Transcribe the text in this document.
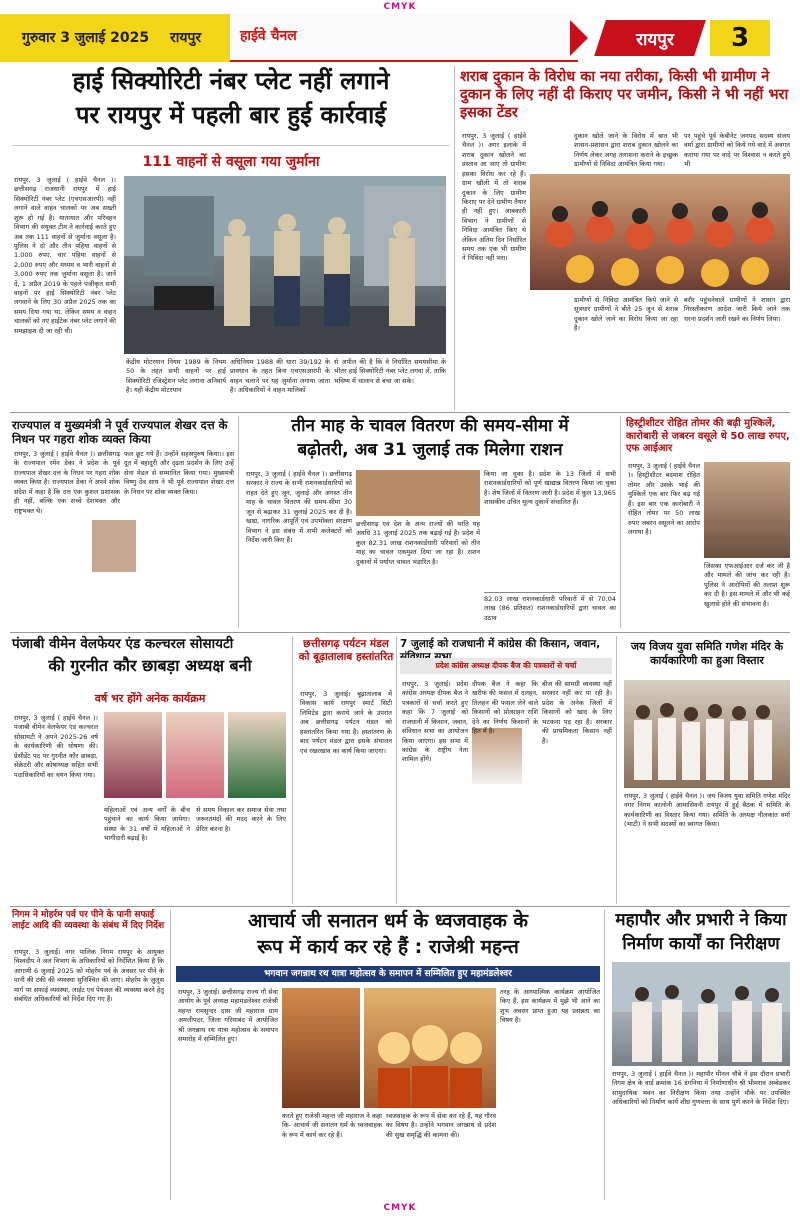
CMYK
CMYK
गुरुवार 3 जुलाई 2025 रायपुर	हाईवे चैनल	रायपुर	3
हाई सिक्योरिटी नंबर प्लेट नहीं लगाने
पर रायपुर में पहली बार हुई कार्रवाई
111 वाहनों से वसूला गया जुर्माना
रायपुर, 3 जुलाई ( हाईवे चैनल )। छत्तीसगढ़ राजधानी रायपुर में हाई सिक्योरिटी नंबर प्लेट (एचएसआरपी) नहीं लगाने वाले वाहन चालकों पर अब सख्ती शुरू हो गई है। यातायात और परिवहन विभाग की संयुक्त टीम ने कार्रवाई करते हुए अब तक 111 वाहनों से जुर्माना वसूला है। पुलिस ने दो और तीन पहिया वाहनों से 1,000 रुपए, चार पहिया वाहनों से 2,000 रुपए और मध्यम व भारी वाहनों से 3,000 रुपए तक जुर्माना वसूला है। जानें दें, 1 अप्रैल 2019 के पहले पंजीकृत सभी वाहनों पर हाई सिक्योरिटी नंबर प्लेट लगवाने के लिए 30 अप्रैल 2025 तक का समय दिया गया था, लेकिन समय व वाहन चालकों को नए हाईटेक नंबर प्लेट लगाने की समझाइश दी जा रही थी।
केंद्रीय मोटरयान नियम 1989 के नियम 50 के तहत सभी वाहनों पर हाई सिक्योरिटी रजिस्ट्रेशन प्लेट लगाना अनिवार्य है। यही केंद्रीय मोटरयान
अधिनियम 1988 की धारा 39/192 के प्रावधान के तहत बिना एचएसआरपी के वाहन चलाने पर यह जुर्माना लगाया जाता है। अधिकारियों ने वाहन मालिकों
से अपील की है कि वे निर्धारित समयसीमा के भीतर हाई सिक्योरिटी नंबर प्लेट लगवा लें, ताकि भविष्य में चालान से बचा जा सके।
शराब दुकान के विरोध का नया तरीका, किसी भी ग्रामीण ने दुकान के लिए नहीं दी किराए पर जमीन, किसी ने भी नहीं भरा इसका टेंडर
रायपुर, 3 जुलाई ( हाईवे चैनल )। अगर इलाके में शराब दुकान खोलने का प्रस्ताव आ जाए तो ग्रामीण इसका विरोध कर रहे हैं। ग्राम खौली में तो शराब दुकान के लिए ग्रामीण किराए पर देने ग्रामीण तैयार ही नहीं हुए। आबकारी विभाग ने ग्रामीणों से निविदा आमंत्रित किए थे लेकिन अंतिम दिन निर्धारित समय तक एक भी ग्रामीण ने निविदा नहीं भरा।
दुकान खोले जाने के विरोध में बात भी शासन-प्रशासन द्वारा शराब दुकान खोलने का निर्णय लेकर जगह तलाशना कराने के इच्छुक ग्रामीणों से निविदा आमंत्रित किया गया।
पर पहुंचे पूर्व केबीनेट जनपद सदस्य संजय वर्मा द्वारा ग्रामीणों को किये गये वादे में अवगत कराया गया पर वादे पर विश्वास न करते हुये भी
ग्रामीणों से निविदा आमंत्रित किये जाने से सूत्रधार ग्रामीणों ने बीते 25 जून से शराब दुकान खोले जाने का विरोध किया जा रहा है।
बरौर पहुंचनेवाले ग्रामीणों ने शासन द्वारा निरस्तीकरण आदेश जारी किये जाने तक धरना प्रदर्शन जारी रखने का निर्णय लिया।
राज्यपाल व मुख्यमंत्री ने पूर्व राज्यपाल शेखर दत्त के निधन पर गहरा शोक व्यक्त किया
रायपुर, 3 जुलाई ( हाईवे चैनल )। छत्तीसगढ़ के राज्यपाल रमेन डेका ने प्रदेश के पूर्व राज्यपाल शेखर दत्त के निधन पर गहरा शोक व्यक्त किया है। राज्यपाल डेका ने अपने शोक संदेश में कहा है कि दत्त एक कुशल प्रशासक ही नहीं, बल्कि एक सच्चे देशभक्त और राष्ट्रभक्त थे।
फल छूट गये हैं। उन्होंने सहस्रपुरुष किया।। इस दूत में बहादुरी और दृढ़ता प्रदर्शन के लिए उन्हें सेना मेडल से सम्मानित किया गया। मुख्यमंत्री विष्णु देव साय ने भी पूर्व राज्यपाल शेखर दत्त के निधन पर शोक व्यक्त किया।
तीन माह के चावल वितरण की समय-सीमा में
बढ़ोतरी, अब 31 जुलाई तक मिलेगा राशन
रायपुर, 3 जुलाई ( हाईवे चैनल )। छत्तीसगढ़ सरकार ने राज्य के सभी राशनकार्डधारियों को राहत देते हुए जून, जुलाई और अगस्त तीन माह के चावल वितरण की समय-सीमा 30 जून से बढ़ाकर 31 जुलाई 2025 कर दी है। खाद्य, नागरिक आपूर्ति एवं उपभोक्ता संरक्षण विभाग ने इस संबंध में सभी कलेक्टरों को निर्देश जारी किए हैं।
छत्तीसगढ़ एवं देश के अन्य राज्यों की भांति यह अवधि 31 जुलाई 2025 तक बढ़ाई गई है। प्रदेश में कुल 82.31 लाख राशनकार्डधारी परिवारों को तीन माह का चावल एकमुश्त दिया जा रहा है। राशन दुकानों में पर्याप्त चावल भंडारित है।
किया जा चुका है। प्रदेश के 13 जिलों में सभी राशनकार्डधारियों को पूर्ण खाद्यान्न वितरण किया जा चुका है। शेष जिलों में वितरण जारी है। प्रदेश में कुल 13,965 शासकीय उचित मूल्य दुकानें संचालित हैं।
82.03 लाख राशनकार्डधारी परिवारों में से 70.04 लाख (86 प्रतिशत) राशनकार्डधारियों द्वारा चावल का उठाव
हिस्ट्रीशीटर रोहित तोमर की बढ़ी मुश्किलें, कारोबारी से जबरन वसूले थे 50 लाख रुपए, एफ आईआर
रायपुर, 3 जुलाई ( हाईवे चैनल )। हिस्ट्रीशीटर बदमाश रोहित तोमर और उसके भाई की मुश्किलें एक बार फिर बढ़ गई हैं। इस बार एक कारोबारी ने रोहित तोमर पर 50 लाख रुपए जबरन वसूलने का आरोप लगाया है।
जिसका एफआईआर दर्ज कर ली है और मामले की जांच कर रही है। पुलिस ने आरोपियों की तलाश शुरू कर दी है। इस मामले में और भी कई खुलासे होने की संभावना है।
पंजाबी वीमेन वेलफेयर एंड कल्चरल सोसायटी
की गुरनीत कौर छाबड़ा अध्यक्ष बनी
वर्ष भर होंगे अनेक कार्यक्रम
रायपुर, 3 जुलाई ( हाईवे चैनल )। पंजाबी वीमेन वेलफेयर एंड कल्चरल सोसायटी ने अपने 2025-26 वर्ष के कार्यकारिणी की घोषणा की। प्रेसीडेंट पद पर गुरनीत कौर छाबड़ा, सेक्रेटरी और कोषाध्यक्ष सहित सभी पदाधिकारियों का चयन किया गया।
महिलाओं एवं अन्य वर्गों के बीच पहुंचाने का कार्य किया जायेगा। संस्था के 31 वर्षों में महिलाओं ने भागीदारी बढ़ाई है।
से समय निकाल कर समाज सेवा तथा जरूरतमंदों की मदद करने के लिए प्रेरित करना है।
छत्तीसगढ़ पर्यटन मंडल को बूढ़ातालाब हस्तांतरित
रायपुर, 3 जुलाई। बूढ़ातालाब में विकास कार्य रायपुर स्मार्ट सिटी लिमिटेड द्वारा कराये जाने के उपरांत अब छत्तीसगढ़ पर्यटन मंडल को हस्तांतरित किया गया है। हस्तांतरण के बाद पर्यटन मंडल द्वारा इसके संचालन एवं रखरखाव का कार्य किया जाएगा।
7 जुलाई को राजधानी में कांग्रेस की किसान, जवान,
प्रदेश कांग्रेस अध्यक्ष दीपक बैज की पत्रकारों से चर्चा
रायपुर, 3 जुलाई। प्रदेश कांग्रेस अध्यक्ष दीपक बैज ने पत्रकारों से चर्चा करते हुए कहा कि 7 जुलाई को राजधानी में किसान, जवान, संविधान सभा का आयोजन किया जाएगा। इस सभा में कांग्रेस के राष्ट्रीय नेता शामिल होंगे।
दीपक बैज ने कहा कि खरीफ की फसल में दलहन, तिलहन की फसल लेने वाले किसानों को प्रोत्साहन राशि देने का निर्णय किसानों के हित में है।
बीज की सामग्री व्यवस्था नहीं सरकार नहीं कर पा रही है। प्रदेश के अनेक जिलों में किसानों को खाद के लिए भटकना पड़ रहा है। सरकार की प्राथमिकता किसान नहीं है।
जय विजय युवा समिति गणेश मंदिर के कार्यकारिणी का हुआ विस्तार
रायपुर, 3 जुलाई ( हाईवे चैनल )। जय विजय युवा समिति गणेश मंदिर नगर निगम कालोनी आमासिवनी रायपुर में हुई बैठक में समिति के कार्यकारिणी का विस्तार किया गया। समिति के अध्यक्ष नीलकांत वर्मा (भाटी) ने सभी सदस्यों का स्वागत किया।
निगम ने मोहर्रम पर्व पर पीने के पानी सफाई लाईट आदि की व्यवस्था के संबंध में दिए निर्देश
रायपुर, 3 जुलाई। नगर पालिक निगम रायपुर के आयुक्त विश्वदीप ने जल विभाग के अधिकारियों को निर्देशित किया है कि आगामी 6 जुलाई 2025 को मोहर्रम पर्व के अवसर पर पीने के पानी की टंकी की व्यवस्था सुनिश्चित की जाए। मोहर्रम के जुलूस मार्ग पर सफाई व्यवस्था, लाईट एवं पेयजल की व्यवस्था करने हेतु संबंधित अधिकारियों को निर्देश दिए गए हैं।
आचार्य जी सनातन धर्म के ध्वजवाहक के
रूप में कार्य कर रहे हैं : राजेश्री महन्त
भगवान जगन्नाथ रथ यात्रा महोत्सव के समापन में सम्मिलित हुए महामंडलेश्वर
रायपुर, 3 जुलाई। छत्तीसगढ़ राज्य गौ सेवा आयोग के पूर्व अध्यक्ष महामंडलेश्वर राजेश्री महन्त रामसुन्दर दास जी महाराज ग्राम अमलीपदर, जिला गरियाबंद में आयोजित श्री जगन्नाथ रथ यात्रा महोत्सव के समापन समारोह में सम्मिलित हुए।
करते हुए राजेश्री महन्त जी महाराज ने कहा कि- आचार्य जी सनातन धर्म के ध्वजवाहक के रूप में कार्य कर रहे हैं।
ध्वजवाहक के रूप में सेवा कर रहे हैं, यह गौरव का विषय है। उन्होंने भगवान जगन्नाथ से प्रदेश की सुख समृद्धि की कामना की।
तरह के आध्यात्मिक कार्यक्रम आयोजित किए हैं, इस कार्यक्रम में मुझे भी आने का शुभ अवसर प्राप्त हुआ यह प्रसन्नता का विषय है।
महापौर और प्रभारी ने किया
निर्माण कार्यों का निरीक्षण
रायपुर, 3 जुलाई ( हाईवे चैनल )। महापौर मीनल चौबे ने इस दौरान प्रभारी निगम क्षेत्र के वार्ड क्रमांक 16 डंगनिया में निर्माणाधीन श्री भीमराव अम्बेडकर सामुदायिक भवन का निरीक्षण किया तथा उन्होंने मौके पर उपस्थित अधिकारियों को निर्माण कार्य शीघ्र गुणवत्ता के साथ पूर्ण करने के निर्देश दिए।
